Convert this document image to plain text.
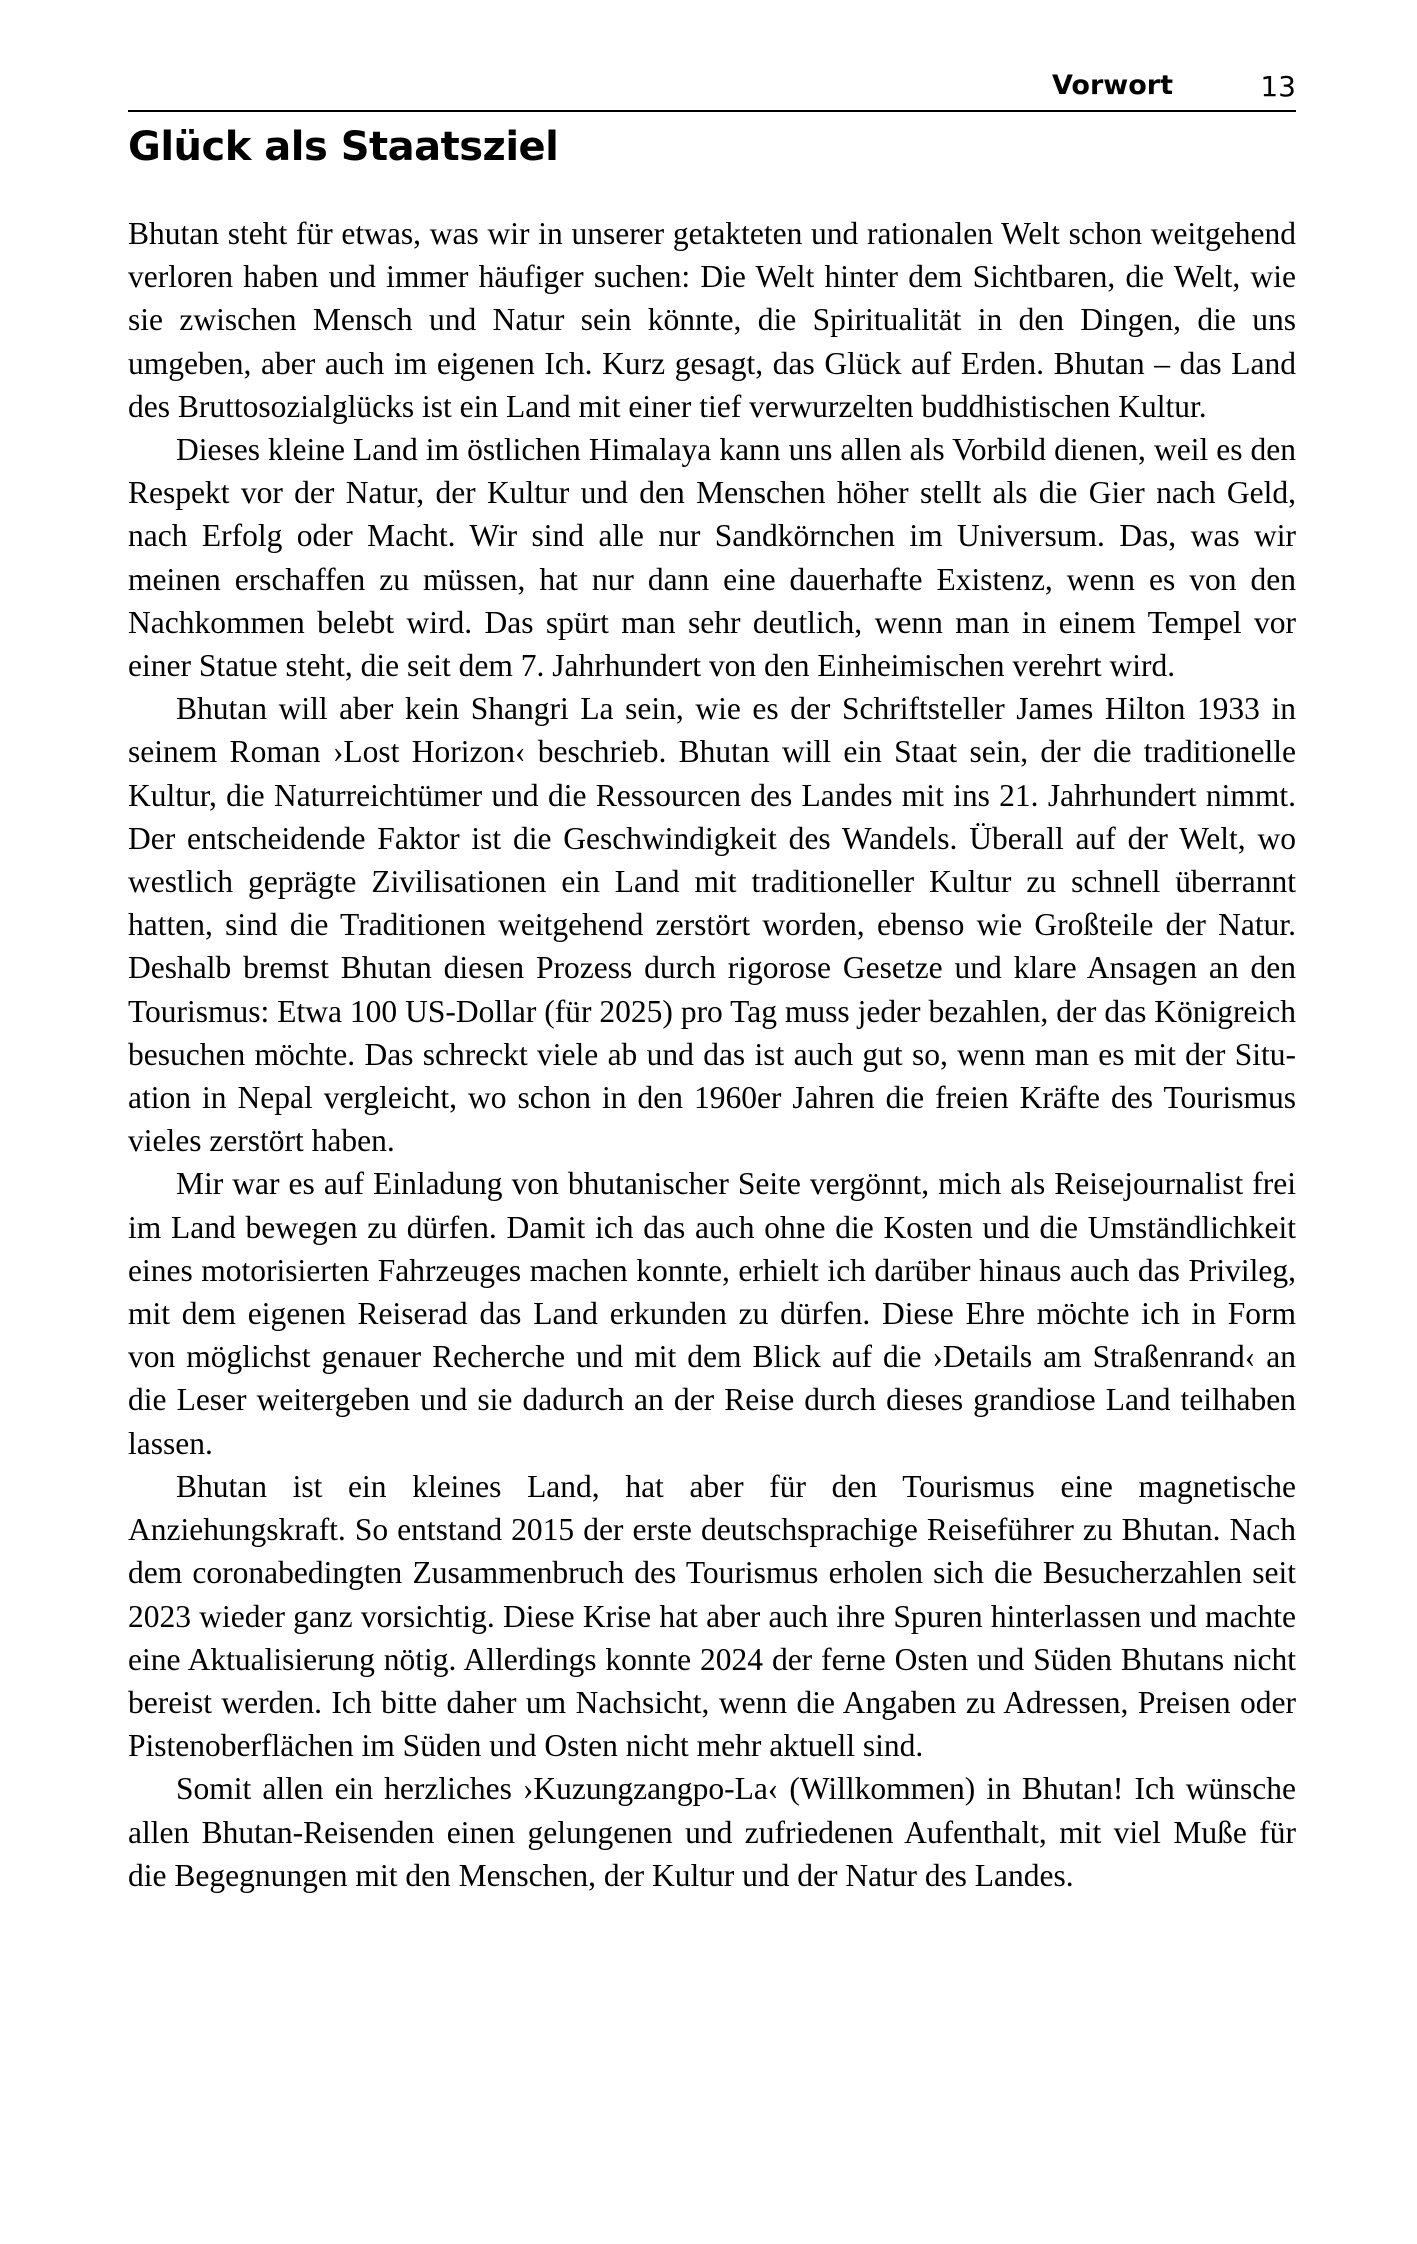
Vorwort	13
Glück als Staatsziel

Bhutan steht für etwas, was wir in unserer getakteten und rationalen Welt schon weitgehend verloren haben und immer häufiger suchen: Die Welt hinter dem Sichtbaren, die Welt, wie sie zwischen Mensch und Natur sein könnte, die Spiritualität in den Dingen, die uns umgeben, aber auch im eigenen Ich. Kurz gesagt, das Glück auf Erden. Bhutan – das Land des Bruttosozialglücks ist ein Land mit einer tief verwurzelten buddhistischen Kultur.

Dieses kleine Land im östlichen Himalaya kann uns allen als Vorbild dienen, weil es den Respekt vor der Natur, der Kultur und den Menschen höher stellt als die Gier nach Geld, nach Erfolg oder Macht. Wir sind alle nur Sandkörnchen im Universum. Das, was wir meinen erschaffen zu müssen, hat nur dann eine dauerhafte Existenz, wenn es von den Nachkommen belebt wird. Das spürt man sehr deutlich, wenn man in einem Tempel vor einer Statue steht, die seit dem 7. Jahrhundert von den Einheimischen verehrt wird.

Bhutan will aber kein Shangri La sein, wie es der Schriftsteller James Hilton 1933 in seinem Roman ›Lost Horizon‹ beschrieb. Bhutan will ein Staat sein, der die traditionelle Kultur, die Naturreichtümer und die Ressourcen des Landes mit ins 21. Jahrhundert nimmt. Der entscheidende Faktor ist die Geschwindigkeit des Wandels. Überall auf der Welt, wo westlich geprägte Zivilisationen ein Land mit traditioneller Kultur zu schnell überrannt hatten, sind die Traditionen weitgehend zerstört worden, ebenso wie Großteile der Natur. Deshalb bremst Bhutan diesen Prozess durch rigorose Gesetze und klare Ansagen an den Tourismus: Etwa 100 US-Dollar (für 2025) pro Tag muss jeder bezahlen, der das Königreich besuchen möchte. Das schreckt viele ab und das ist auch gut so, wenn man es mit der Situ-ation in Nepal vergleicht, wo schon in den 1960er Jahren die freien Kräfte des Tourismus vieles zerstört haben.

Mir war es auf Einladung von bhutanischer Seite vergönnt, mich als Reisejournalist frei im Land bewegen zu dürfen. Damit ich das auch ohne die Kosten und die Umständlichkeit eines motorisierten Fahrzeuges machen konnte, erhielt ich darüber hinaus auch das Privileg, mit dem eigenen Reiserad das Land erkunden zu dürfen. Diese Ehre möchte ich in Form von möglichst genauer Recherche und mit dem Blick auf die ›Details am Straßenrand‹ an die Leser weitergeben und sie dadurch an der Reise durch dieses grandiose Land teilhaben lassen.

Bhutan ist ein kleines Land, hat aber für den Tourismus eine magnetische Anziehungskraft. So entstand 2015 der erste deutschsprachige Reiseführer zu Bhutan. Nach dem coronabedingten Zusammenbruch des Tourismus erholen sich die Besucherzahlen seit 2023 wieder ganz vorsichtig. Diese Krise hat aber auch ihre Spuren hinterlassen und machte eine Aktualisierung nötig. Allerdings konnte 2024 der ferne Osten und Süden Bhutans nicht bereist werden. Ich bitte daher um Nachsicht, wenn die Angaben zu Adressen, Preisen oder Pistenoberflächen im Süden und Osten nicht mehr aktuell sind.

Somit allen ein herzliches ›Kuzungzangpo-La‹ (Willkommen) in Bhutan! Ich wünsche allen Bhutan-Reisenden einen gelungenen und zufriedenen Aufenthalt, mit viel Muße für die Begegnungen mit den Menschen, der Kultur und der Natur des Landes.
